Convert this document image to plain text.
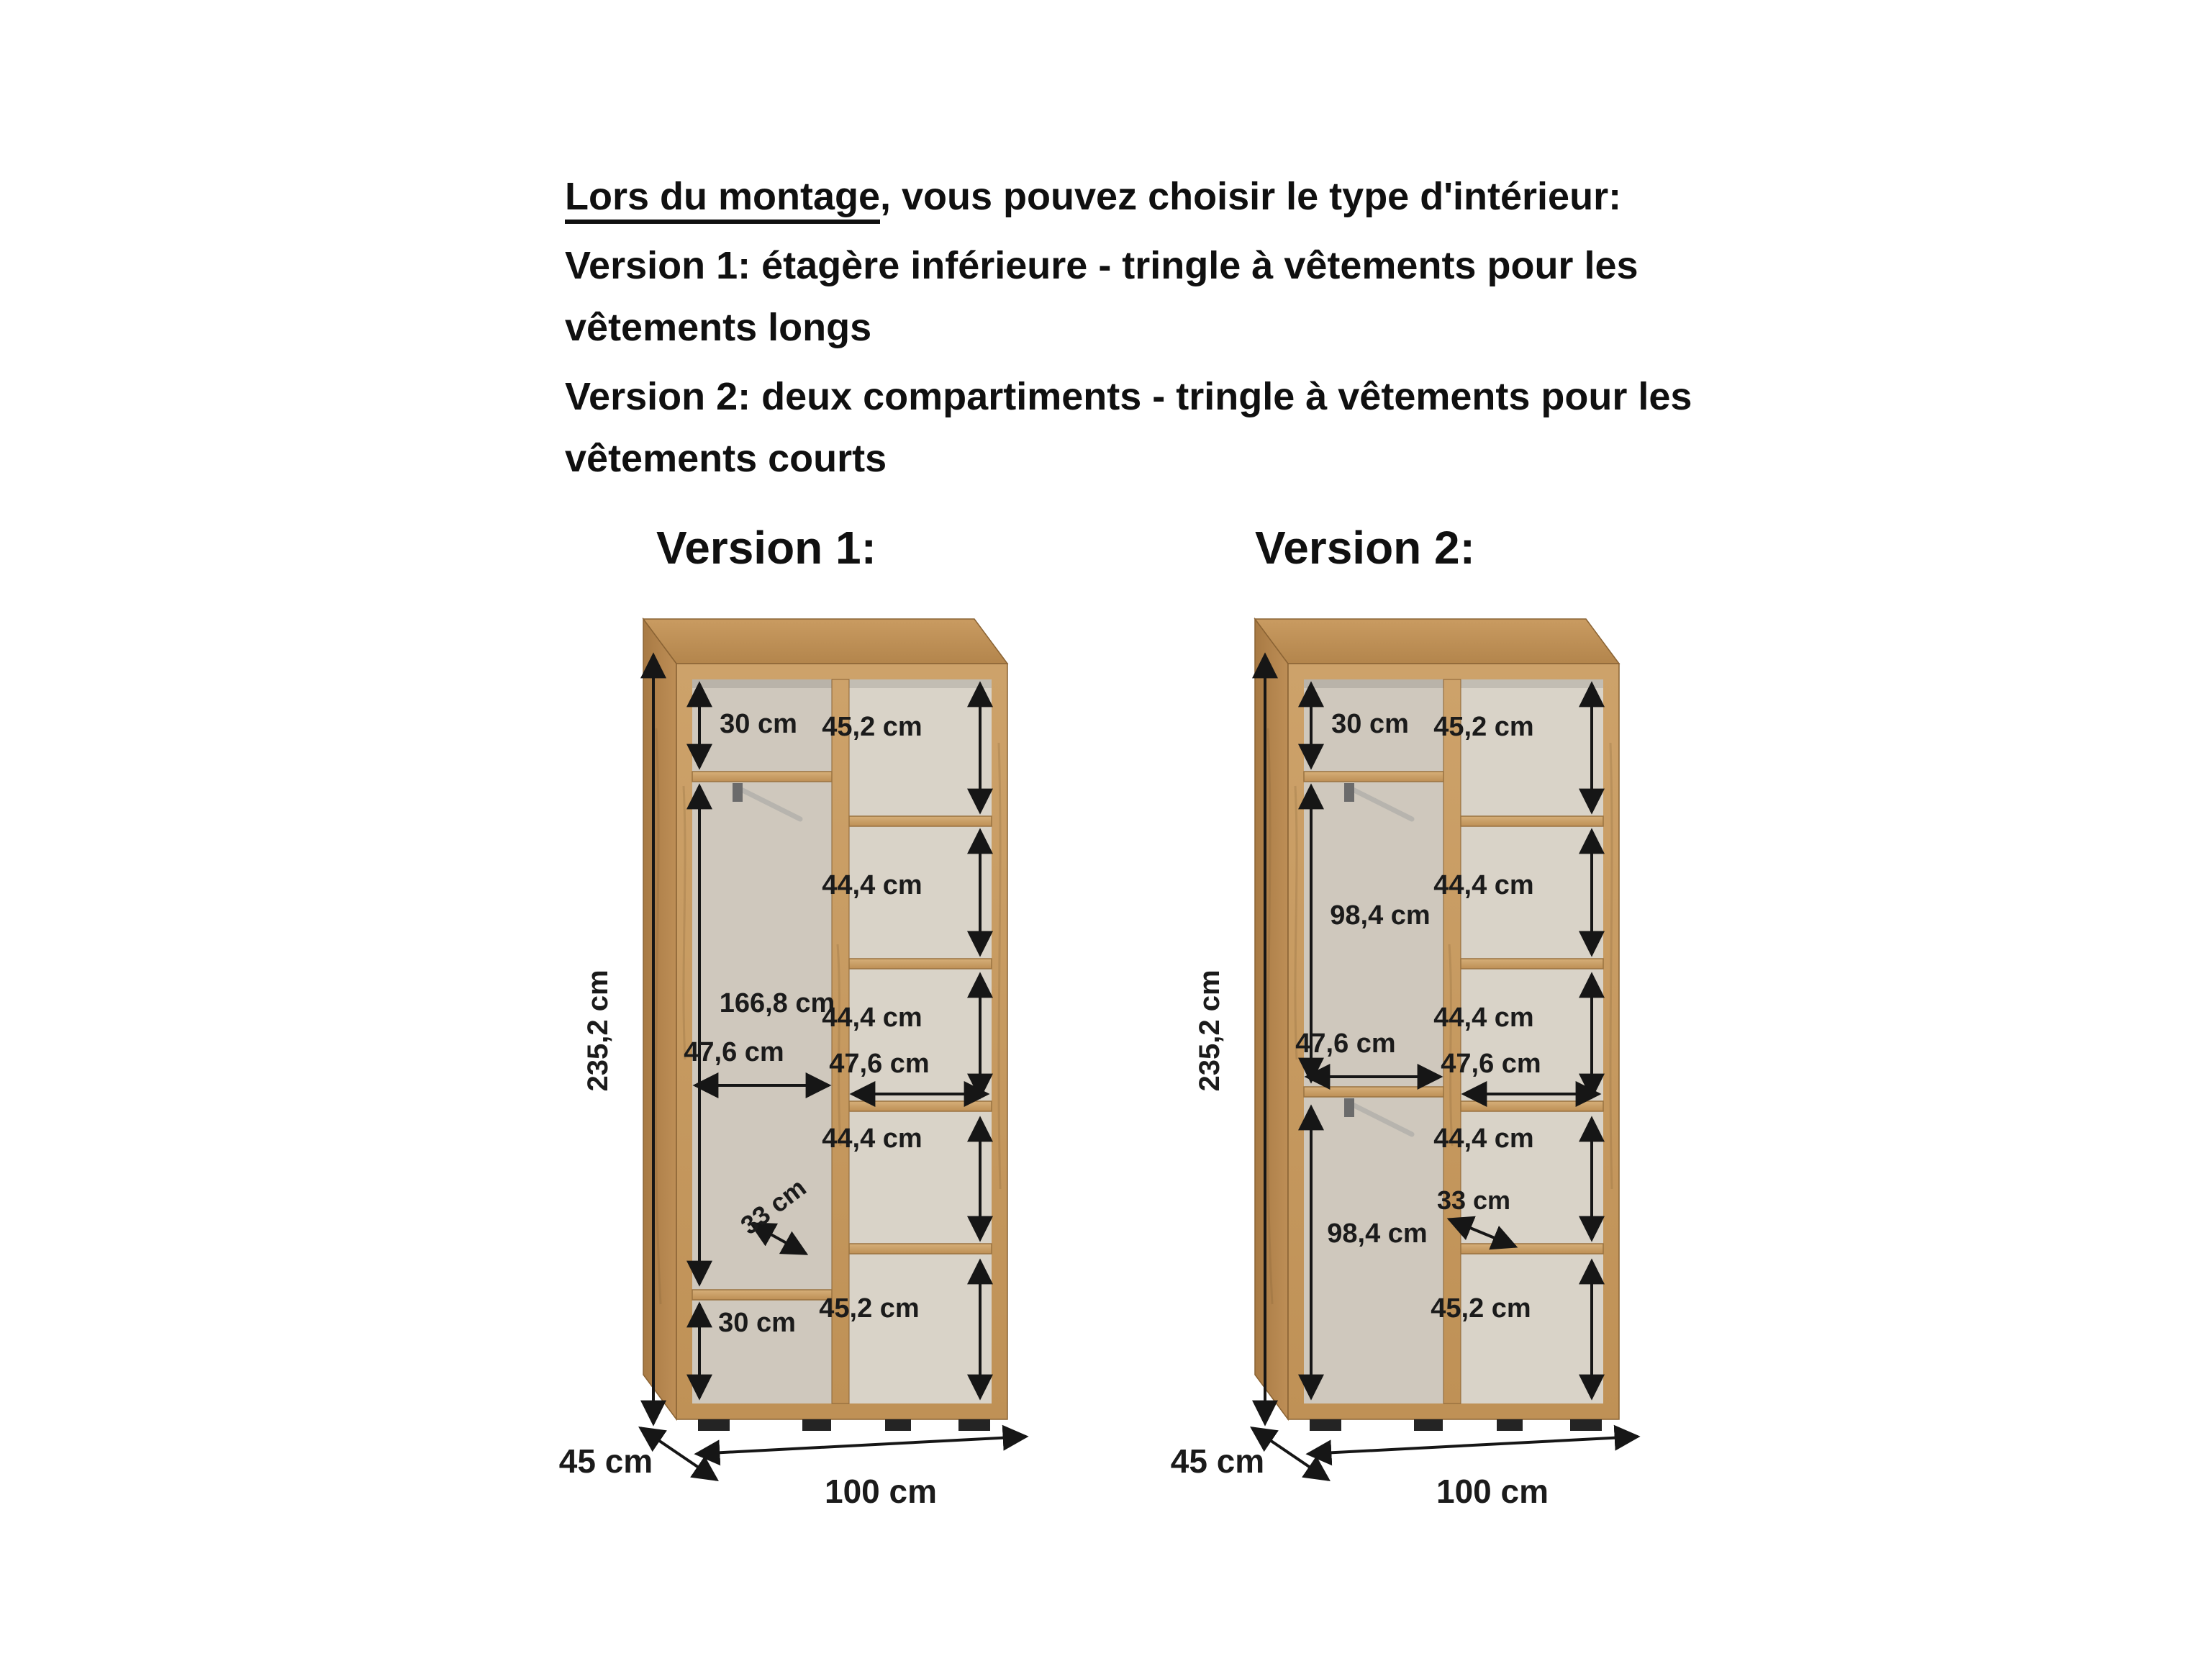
Lors du montage, vous pouvez choisir le type d'intérieur:

Version 1: étagère inférieure - tringle à vêtements pour les vêtements longs

Version 2: deux compartiments - tringle à vêtements pour les vêtements courts

Version 1:	Version 2:
235,2 cm
30 cm
166,8 cm
30 cm
45,2 cm
44,4 cm
44,4 cm
47,6 cm 47,6 cm
44,4 cm
33 cm
45,2 cm
100 cm
45 cm
235,2 cm
30 cm
98,4 cm
98,4 cm
45,2 cm
44,4 cm
44,4 cm
47,6 cm
47,6 cm
44,4 cm
33 cm
45,2 cm
100 cm
45 cm
